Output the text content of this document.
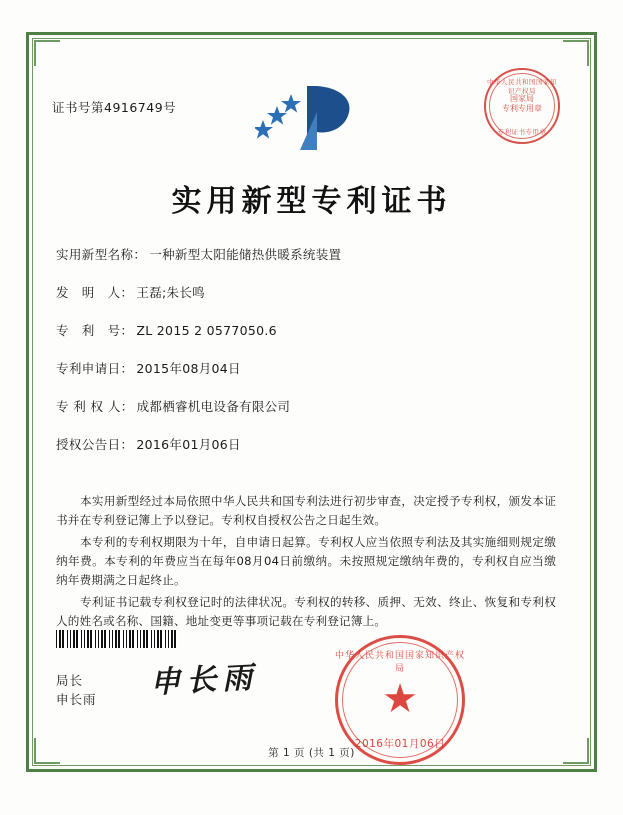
证书号第4916749号
中华人民共和国国家知识产权局
国家局
专利专用章
专利证书专用章
实用新型专利证书
实用新型名称： 一种新型太阳能储热供暖系统装置
发　明　人： 王磊;朱长鸣
专　利　号： ZL 2015 2 0577050.6
专利申请日： 2015年08月04日
专 利 权 人： 成都栖睿机电设备有限公司
授权公告日： 2016年01月06日

本实用新型经过本局依照中华人民共和国专利法进行初步审查，决定授予专利权，颁发本证书并在专利登记簿上予以登记。专利权自授权公告之日起生效。

本专利的专利权期限为十年，自申请日起算。专利权人应当依照专利法及其实施细则规定缴纳年费。本专利的年费应当在每年08月04日前缴纳。未按照规定缴纳年费的，专利权自应当缴纳年费期满之日起终止。

专利证书记载专利权登记时的法律状况。专利权的转移、质押、无效、终止、恢复和专利权人的姓名或名称、国籍、地址变更等事项记载在专利登记簿上。

局长
申长雨 申长雨
中华人民共和国国家知识产权局
★
2016年01月06日
第 1 页 (共 1 页)
